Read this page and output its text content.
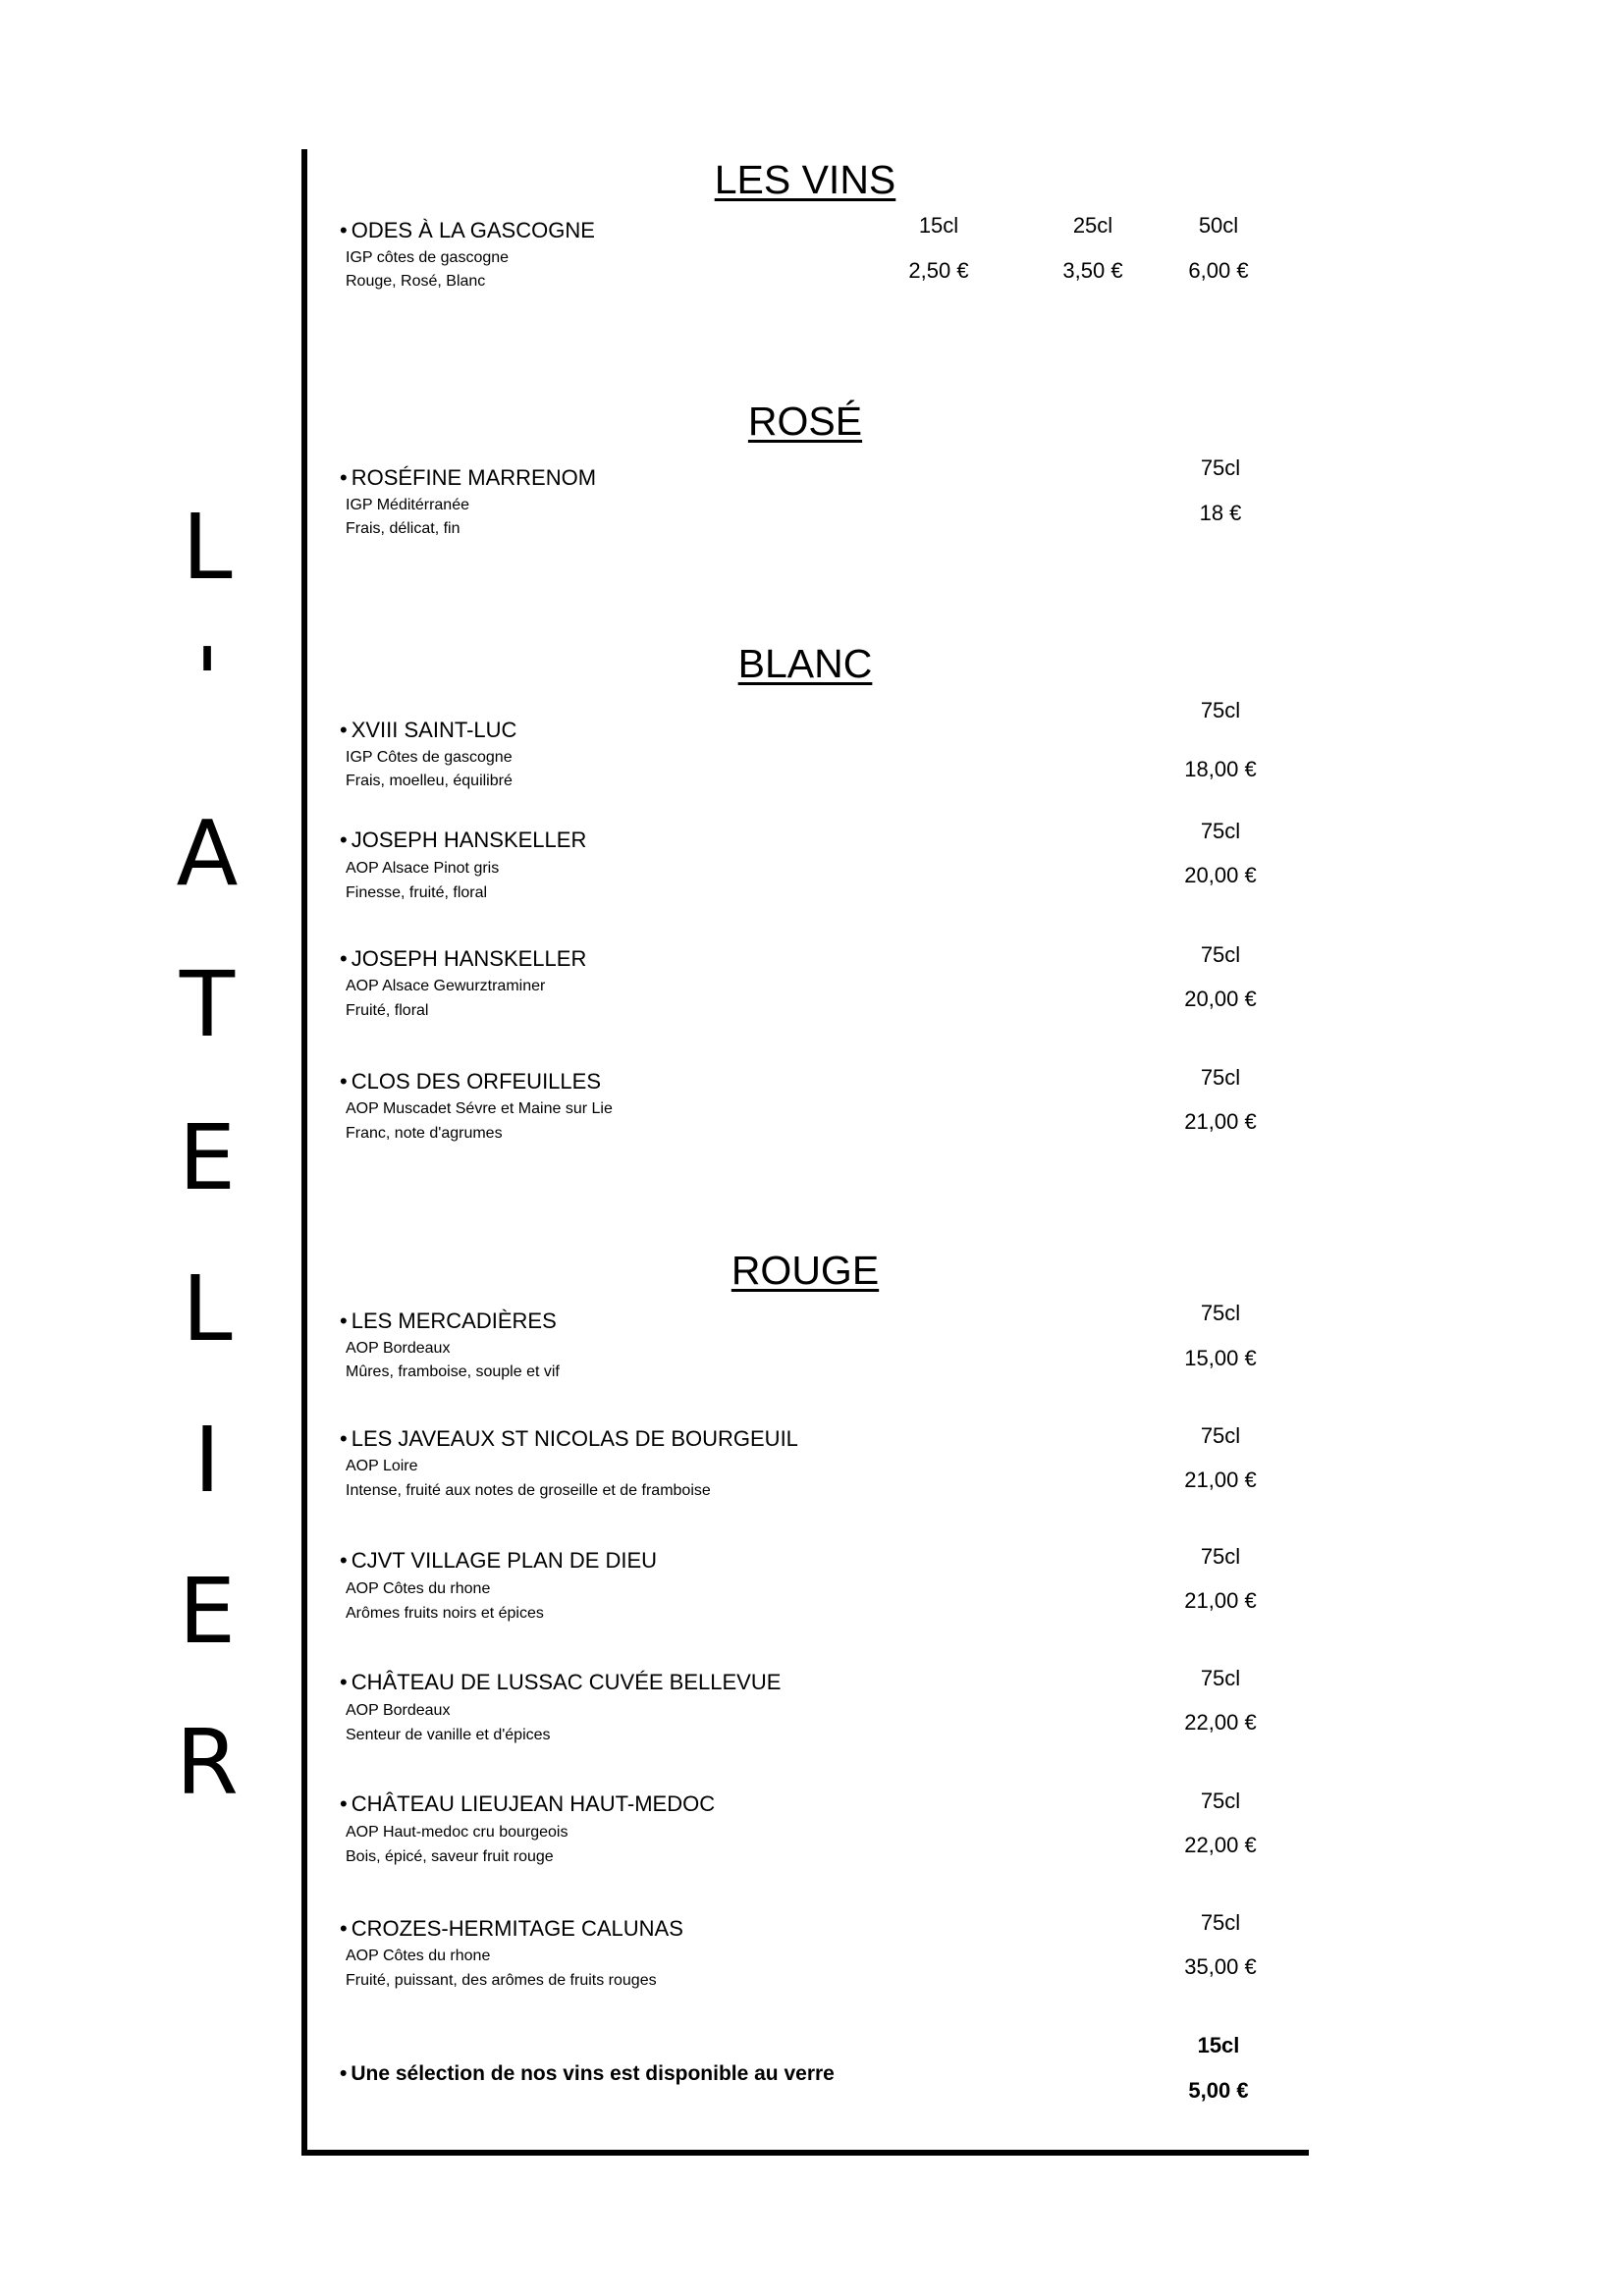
L
'
A
T
E
L
I
E
R
LES VINS
• ODES À LA GASCOGNE
IGP côtes de gascogne
Rouge, Rosé, Blanc
15cl	25cl	50cl
2,50 €	3,50 €	6,00 €
ROSÉ
• ROSÉFINE MARRENOM
IGP Méditérranée
Frais, délicat, fin
75cl
18 €
BLANC
• XVIII SAINT-LUC
IGP Côtes de gascogne
Frais, moelleu, équilibré
75cl
18,00 €
• JOSEPH HANSKELLER
AOP Alsace Pinot gris
Finesse, fruité, floral
75cl
20,00 €
• JOSEPH HANSKELLER
AOP Alsace Gewurztraminer
Fruité, floral
75cl
20,00 €
• CLOS DES ORFEUILLES
AOP Muscadet Sévre et Maine sur Lie
Franc, note d'agrumes
75cl
21,00 €
ROUGE
• LES MERCADIÈRES
AOP Bordeaux
Mûres, framboise, souple et vif
75cl
15,00 €
• LES JAVEAUX ST NICOLAS DE BOURGEUIL
AOP Loire
Intense, fruité aux notes de groseille et de framboise
75cl
21,00 €
• CJVT VILLAGE PLAN DE DIEU
AOP Côtes du rhone
Arômes fruits noirs et épices
75cl
21,00 €
• CHÂTEAU DE LUSSAC CUVÉE BELLEVUE
AOP Bordeaux
Senteur de vanille et d'épices
75cl
22,00 €
• CHÂTEAU LIEUJEAN HAUT-MEDOC
AOP Haut-medoc cru bourgeois
Bois, épicé, saveur fruit rouge
75cl
22,00 €
• CROZES-HERMITAGE CALUNAS
AOP Côtes du rhone
Fruité, puissant, des arômes de fruits rouges
75cl
35,00 €
• Une sélection de nos vins est disponible au verre
15cl
5,00 €
